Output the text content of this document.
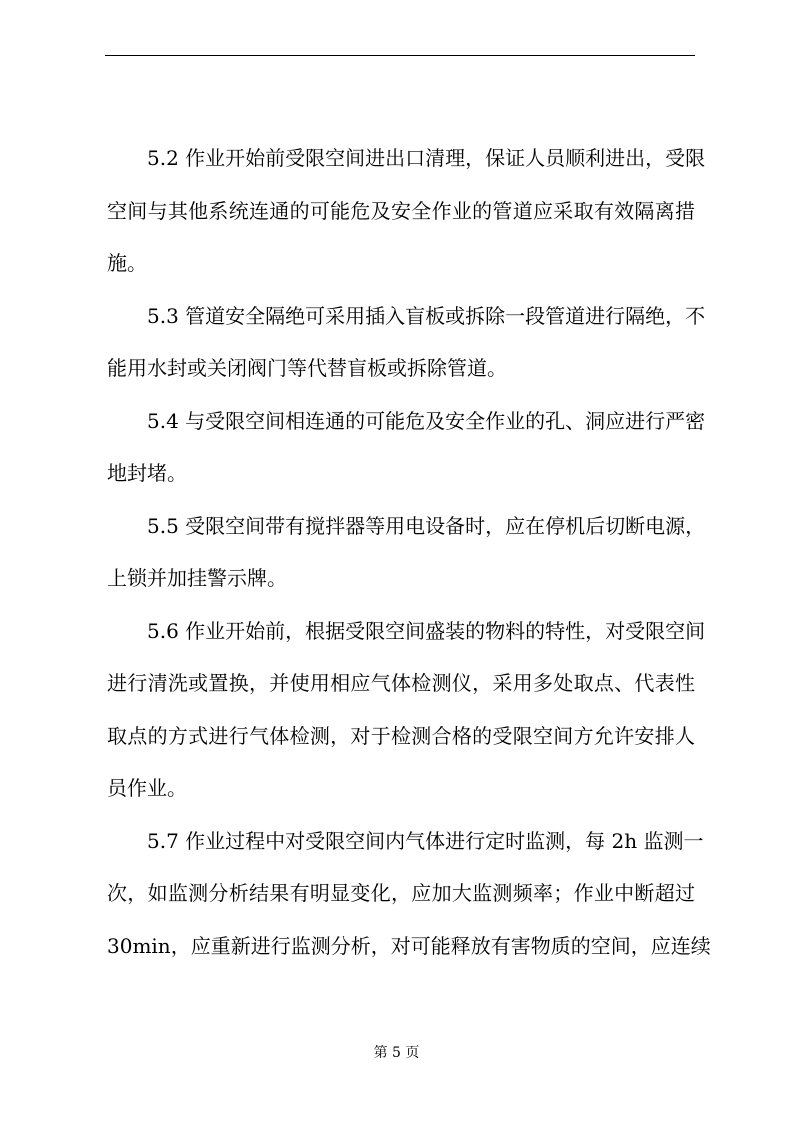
5.2 作业开始前受限空间进出口清理，保证人员顺利进出，受限
空间与其他系统连通的可能危及安全作业的管道应采取有效隔离措
施。
5.3 管道安全隔绝可采用插入盲板或拆除一段管道进行隔绝，不
能用水封或关闭阀门等代替盲板或拆除管道。
5.4 与受限空间相连通的可能危及安全作业的孔、洞应进行严密
地封堵。
5.5 受限空间带有搅拌器等用电设备时，应在停机后切断电源，
上锁并加挂警示牌。
5.6 作业开始前，根据受限空间盛装的物料的特性，对受限空间
进行清洗或置换，并使用相应气体检测仪，采用多处取点、代表性
取点的方式进行气体检测，对于检测合格的受限空间方允许安排人
员作业。
5.7 作业过程中对受限空间内气体进行定时监测，每 2h 监测一
次，如监测分析结果有明显变化，应加大监测频率；作业中断超过
30min，应重新进行监测分析，对可能释放有害物质的空间，应连续
第 5 页
